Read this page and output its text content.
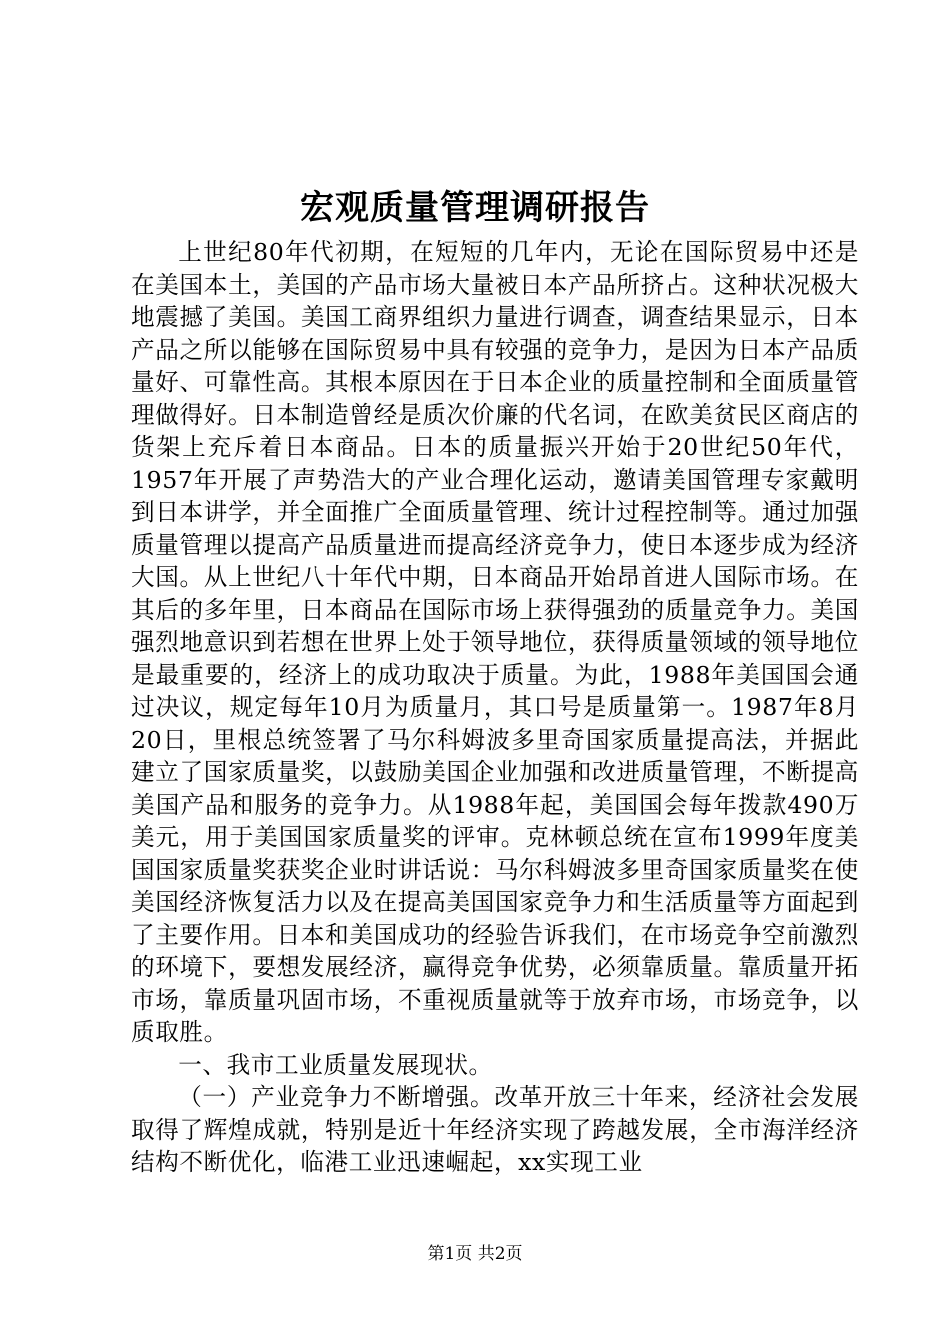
宏观质量管理调研报告

上世纪80年代初期，在短短的几年内，无论在国际贸易中还是在美国本土，美国的产品市场大量被日本产品所挤占。这种状况极大地震撼了美国。美国工商界组织力量进行调查，调查结果显示，日本产品之所以能够在国际贸易中具有较强的竞争力，是因为日本产品质量好、可靠性高。其根本原因在于日本企业的质量控制和全面质量管理做得好。日本制造曾经是质次价廉的代名词，在欧美贫民区商店的货架上充斥着日本商品。日本的质量振兴开始于20世纪50年代，1957年开展了声势浩大的产业合理化运动，邀请美国管理专家戴明到日本讲学，并全面推广全面质量管理、统计过程控制等。通过加强质量管理以提高产品质量进而提高经济竞争力，使日本逐步成为经济大国。从上世纪八十年代中期，日本商品开始昂首进人国际市场。在其后的多年里，日本商品在国际市场上获得强劲的质量竞争力。美国强烈地意识到若想在世界上处于领导地位，获得质量领域的领导地位是最重要的，经济上的成功取决于质量。为此，1988年美国国会通过决议，规定每年10月为质量月，其口号是质量第一。1987年8月20日，里根总统签署了马尔科姆波多里奇国家质量提高法，并据此建立了国家质量奖，以鼓励美国企业加强和改进质量管理，不断提高美国产品和服务的竞争力。从1988年起，美国国会每年拨款490万美元，用于美国国家质量奖的评审。克林顿总统在宣布1999年度美国国家质量奖获奖企业时讲话说：马尔科姆波多里奇国家质量奖在使美国经济恢复活力以及在提高美国国家竞争力和生活质量等方面起到了主要作用。日本和美国成功的经验告诉我们，在市场竞争空前激烈的环境下，要想发展经济，赢得竞争优势，必须靠质量。靠质量开拓市场，靠质量巩固市场，不重视质量就等于放弃市场，市场竞争，以质取胜。

一、我市工业质量发展现状。

（一）产业竞争力不断增强。改革开放三十年来，经济社会发展取得了辉煌成就，特别是近十年经济实现了跨越发展，全市海洋经济结构不断优化，临港工业迅速崛起，xx实现工业

第1页 共2页
